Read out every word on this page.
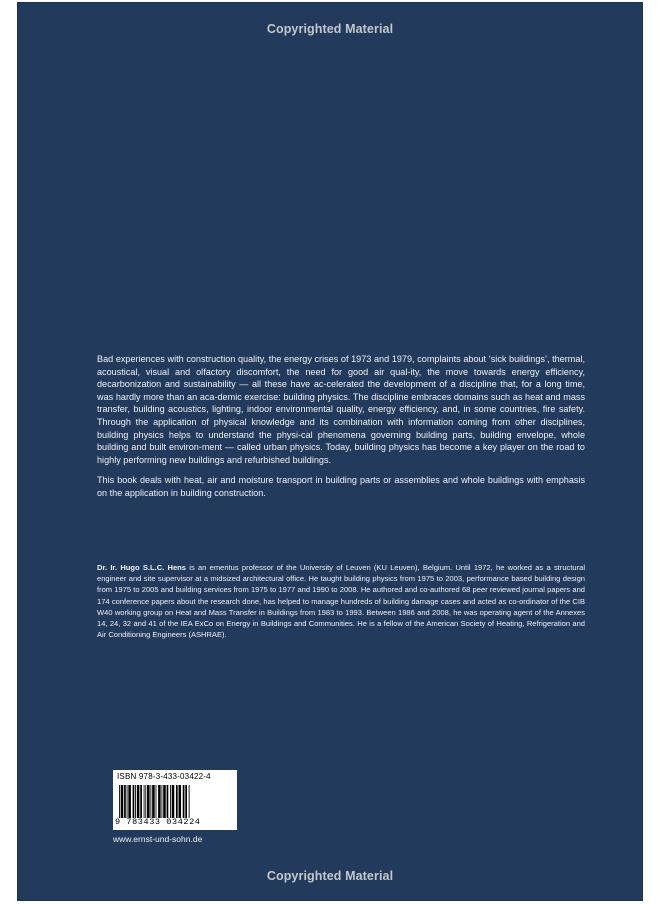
Copyrighted Material

Bad experiences with construction quality, the energy crises of 1973 and 1979, complaints about ‘sick buildings’, thermal, acoustical, visual and olfactory discomfort, the need for good air qual-ity, the move towards energy efficiency, decarbonization and sustainability — all these have ac-celerated the development of a discipline that, for a long time, was hardly more than an aca-demic exercise: building physics. The discipline embraces domains such as heat and mass transfer, building acoustics, lighting, indoor environmental quality, energy efficiency, and, in some countries, fire safety. Through the application of physical knowledge and its combination with information coming from other disciplines, building physics helps to understand the physi-cal phenomena governing building parts, building envelope, whole building and built environ-ment — called urban physics. Today, building physics has become a key player on the road to highly performing new buildings and refurbished buildings.

This book deals with heat, air and moisture transport in building parts or assemblies and whole buildings with emphasis on the application in building construction.

Dr. Ir. Hugo S.L.C. Hens is an emeritus professor of the University of Leuven (KU Leuven), Belgium. Until 1972, he worked as a structural engineer and site supervisor at a midsized architectural office. He taught building physics from 1975 to 2003, performance based building design from 1975 to 2005 and building services from 1975 to 1977 and 1990 to 2008. He authored and co-authored 68 peer reviewed journal papers and 174 conference papers about the research done, has helped to manage hundreds of building damage cases and acted as co-ordinator of the CIB W40 working group on Heat and Mass Transfer in Buildings from 1983 to 1993. Between 1986 and 2008, he was operating agent of the Annexes 14, 24, 32 and 41 of the IEA ExCo on Energy in Buildings and Communities. He is a fellow of the American Society of Heating, Refrigeration and Air Conditioning Engineers (ASHRAE).
ISBN 978-3-433-03422-4
9 783433 034224
www.ernst-und-sohn.de
Copyrighted Material
